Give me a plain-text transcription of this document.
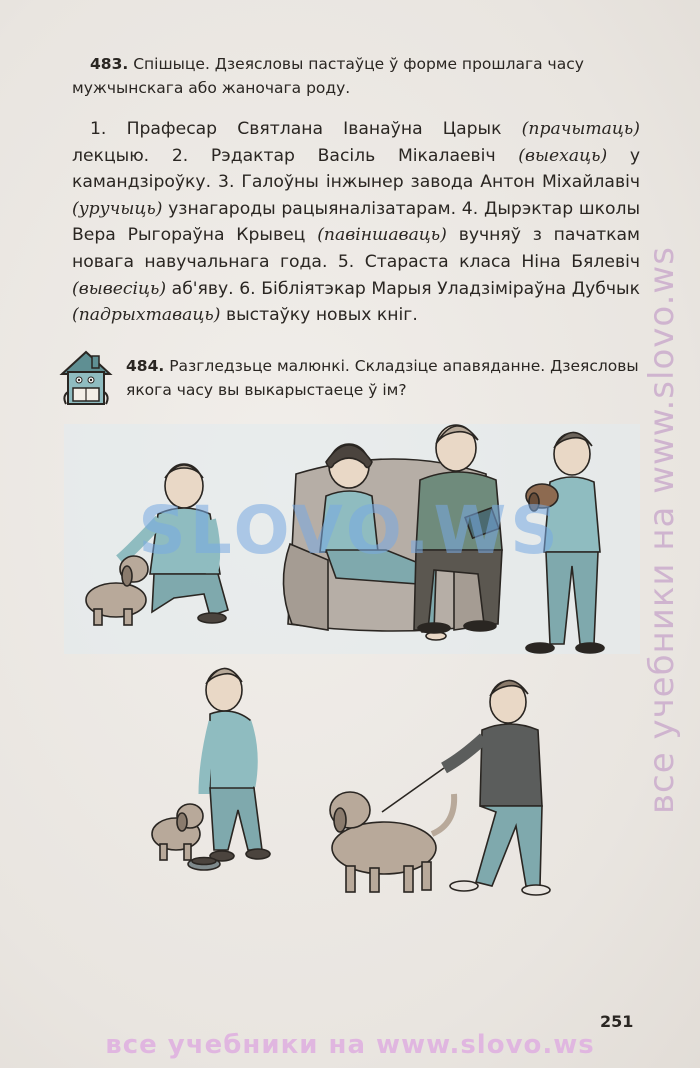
все учебники на www.slovo.ws
483. Спішыце. Дзеясловы пастаўце ў форме прошлага часу мужчынскага або жаночага роду.
1. Прафесар Святлана Іванаўна Царык (прачытаць) лекцыю. 2. Рэдактар Васіль Мікалаевіч (выехаць) у камандзіроўку. 3. Галоўны інжынер завода Антон Міхайлавіч (уручыць) узнагароды рацыяналізатарам. 4. Дырэктар школы Вера Рыгораўна Крывец (павіншаваць) вучняў з пачаткам новага навучальнага года. 5. Стараста класа Ніна Бялевіч (вывесіць) аб'яву. 6. Бібліятэкар Марыя Уладзіміраўна Дубчык (падрыхтаваць) выстаўку новых кніг.
484. Разгледзьце малюнкі. Складзіце апавяданне. Дзеясловы якога часу вы выкарыстаеце ў ім?
SLOVO.WS
251
все учебники на www.slovo.ws
